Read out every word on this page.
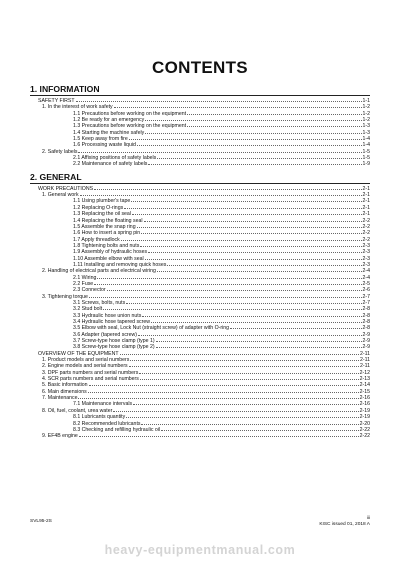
CONTENTS
1. INFORMATION
SAFETY FIRST	1-1
1. In the interest of work safety	1-2
1.1 Precautions before working on the equipment	1-2
1.2 Be ready for an emergency	1-2
1.3 Precautions before working on the equipment	1-3
1.4 Starting the machine safely	1-3
1.5 Keep away from fire	1-4
1.6 Processing waste liquid	1-4
2. Safety labels	1-5
2.1 Affixing positions of safety labels	1-5
2.2 Maintenance of safety labels	1-9
2. GENERAL
WORK PRECAUTIONS	2-1
1. General work	2-1
1.1 Using plumber's tape	2-1
1.2 Replacing O-rings	2-1
1.3 Replacing the oil seal	2-1
1.4 Replacing the floating seal	2-2
1.5 Assemble the snap ring	2-2
1.6 How to insert a spring pin	2-2
1.7 Apply threadlock	2-2
1.8 Tightening bolts and nuts	2-3
1.9 Assembly of hydraulic hoses	2-3
1.10 Assemble elbow with seal	2-3
1.11 Installing and removing quick hoses	2-3
2. Handling of electrical parts and electrical wiring	2-4
2.1 Wiring	2-4
2.2 Fuse	2-5
2.3 Connector	2-6
3. Tightening torque	2-7
3.1 Screws, bolts, nuts	2-7
3.2 Stud bolt	2-8
3.3 Hydraulic hose union nuts	2-8
3.4 Hydraulic hose tapered screw	2-8
3.5 Elbow with seal, Lock Nut (straight screw) of adapter with O-ring	2-8
3.6 Adapter (tapered screw)	2-9
3.7 Screw-type hose clamp (type 1)	2-9
3.8 Screw-type hose clamp (type 2)	2-9
OVERVIEW OF THE EQUIPMENT	2-11
1. Product models and serial numbers	2-11
2. Engine models and serial numbers	2-11
3. DPF parts numbers and serial numbers	2-12
4. SCR parts numbers and serial numbers	2-13
5. Basic information	2-14
6. Main dimensions	2-15
7. Maintenance	2-16
7.1 Maintenance intervals	2-16
8. Oil, fuel, coolant, urea water	2-19
8.1 Lubricants quantity	2-19
8.2 Recommended lubricants	2-20
8.3 Checking and refilling hydraulic oil	2-22
9. EF4B engine	2-22
SVL95-2S
iii
KISC issued 01, 2018 A
heavy-equipmentmanual.com
